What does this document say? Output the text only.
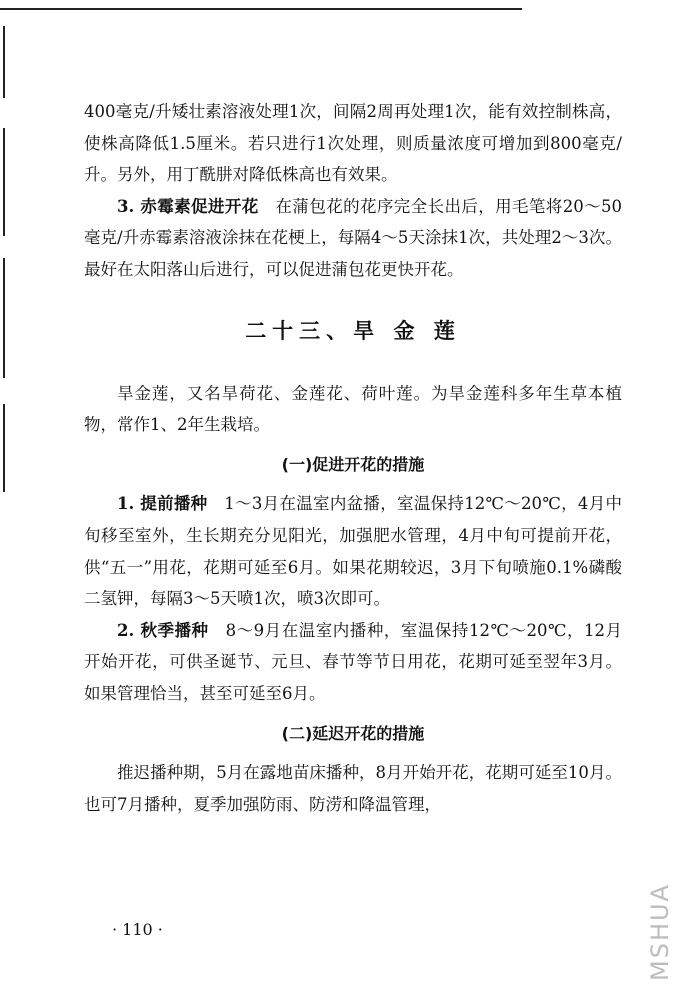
400毫克/升矮壮素溶液处理1次，间隔2周再处理1次，能有效控制株高，使株高降低1.5厘米。若只进行1次处理，则质量浓度可增加到800毫克/升。另外，用丁酰肼对降低株高也有效果。

3. 赤霉素促进开花　 在蒲包花的花序完全长出后，用毛笔将20～50毫克/升赤霉素溶液涂抹在花梗上，每隔4～5天涂抹1次，共处理2～3次。最好在太阳落山后进行，可以促进蒲包花更快开花。

二十三、旱 金 莲

旱金莲，又名旱荷花、金莲花、荷叶莲。为旱金莲科多年生草本植物，常作1、2年生栽培。

(一)促进开花的措施

1. 提前播种　 1～3月在温室内盆播，室温保持12℃～20℃，4月中旬移至室外，生长期充分见阳光，加强肥水管理，4月中旬可提前开花，供“五一”用花，花期可延至6月。如果花期较迟，3月下旬喷施0.1%磷酸二氢钾，每隔3～5天喷1次，喷3次即可。

2. 秋季播种　 8～9月在温室内播种，室温保持12℃～20℃，12月开始开花，可供圣诞节、元旦、春节等节日用花，花期可延至翌年3月。如果管理恰当，甚至可延至6月。

(二)延迟开花的措施

推迟播种期，5月在露地苗床播种，8月开始开花，花期可延至10月。也可7月播种，夏季加强防雨、防涝和降温管理，

· 110 ·	MSHUA
